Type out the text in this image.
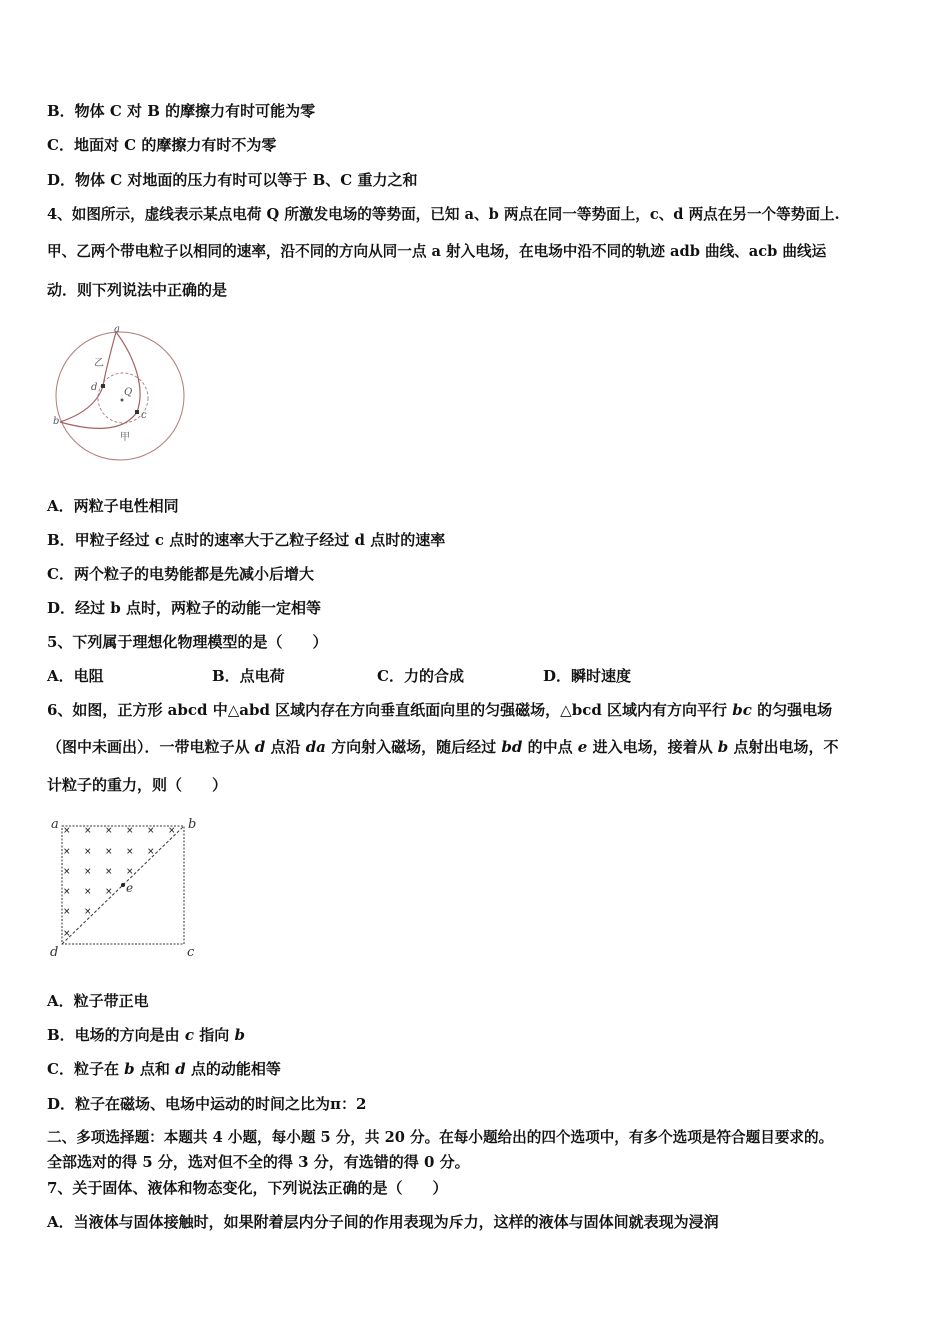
B．物体 C 对 B 的摩擦力有时可能为零
C．地面对 C 的摩擦力有时不为零
D．物体 C 对地面的压力有时可以等于 B、C 重力之和
4、如图所示，虚线表示某点电荷 Q 所激发电场的等势面，已知 a、b 两点在同一等势面上，c、d 两点在另一个等势面上.
甲、乙两个带电粒子以相同的速率，沿不同的方向从同一点 a 射入电场，在电场中沿不同的轨迹 adb 曲线、acb 曲线运
动．则下列说法中正确的是
a
b
c
d	Q
甲
乙
A．两粒子电性相同
B．甲粒子经过 c 点时的速率大于乙粒子经过 d 点时的速率
C．两个粒子的电势能都是先减小后增大
D．经过 b 点时，两粒子的动能一定相等
5、下列属于理想化物理模型的是（　　）
A．电阻	B．点电荷	C．力的合成	D．瞬时速度
6、如图，正方形 abcd 中△abd 区域内存在方向垂直纸面向里的匀强磁场，△bcd 区域内有方向平行 bc 的匀强电场
（图中未画出）．一带电粒子从 d 点沿 da 方向射入磁场，随后经过 bd 的中点 e 进入电场，接着从 b 点射出电场，不
计粒子的重力，则（　　）
× × × × × ×
× × × × ×
× × × ×
× × ×
× ×
×
a	b
c
d
e
A．粒子带正电
B．电场的方向是由 c 指向 b
C．粒子在 b 点和 d 点的动能相等
D．粒子在磁场、电场中运动的时间之比为π：2
二、多项选择题：本题共 4 小题，每小题 5 分，共 20 分。在每小题给出的四个选项中，有多个选项是符合题目要求的。
全部选对的得 5 分，选对但不全的得 3 分，有选错的得 0 分。
7、关于固体、液体和物态变化，下列说法正确的是（　　）
A．当液体与固体接触时，如果附着层内分子间的作用表现为斥力，这样的液体与固体间就表现为浸润
